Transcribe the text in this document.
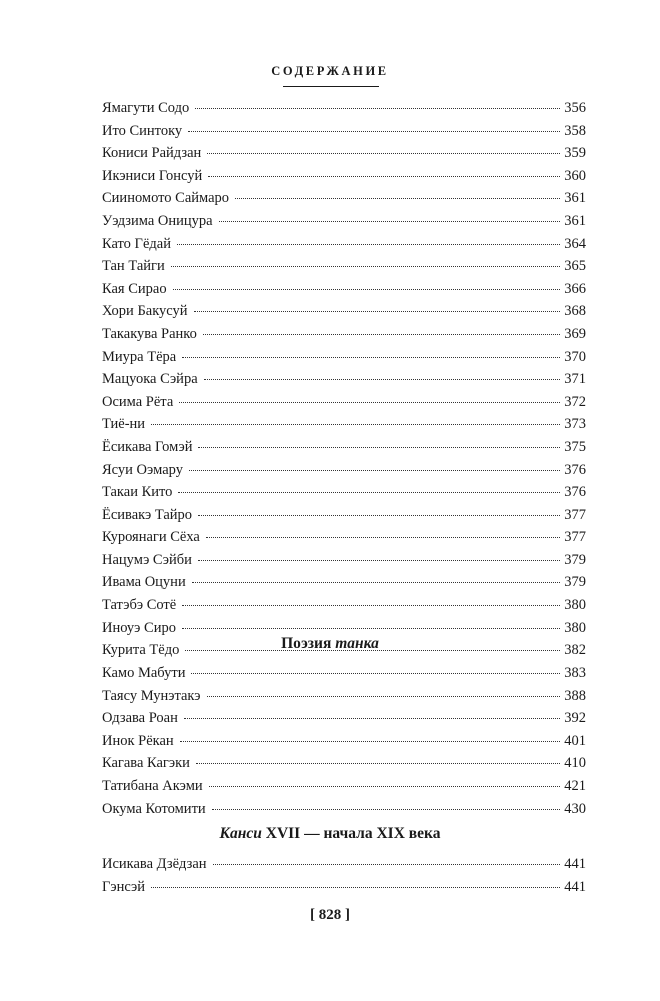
СОДЕРЖАНИЕ
Ямагути Содо	356
Ито Синтоку	358
Кониси Райдзан	359
Икэниси Гонсуй	360
Сииномото Саймаро	361
Уэдзима Оницура	361
Като Гёдай	364
Тан Тайги	365
Кая Сирао	366
Хори Бакусуй	368
Такакува Ранко	369
Миура Тёра	370
Мацуока Сэйра	371
Осима Рёта	372
Тиё-ни	373
Ёсикава Гомэй	375
Ясуи Оэмару	376
Такаи Кито	376
Ёсивакэ Тайро	377
Куроянаги Сёха	377
Нацумэ Сэйби	379
Ивама Оцуни	379
Татэбэ Сотё	380
Иноуэ Сиро	380
Курита Тёдо	382
Поэзия танка
Камо Мабути	383
Таясу Мунэтакэ	388
Одзава Роан	392
Инок Рёкан	401
Кагава Кагэки	410
Татибана Акэми	421
Окума Котомити	430
Канси XVII — начала XIX века
Исикава Дзёдзан	441
Гэнсэй	441
[ 828 ]
